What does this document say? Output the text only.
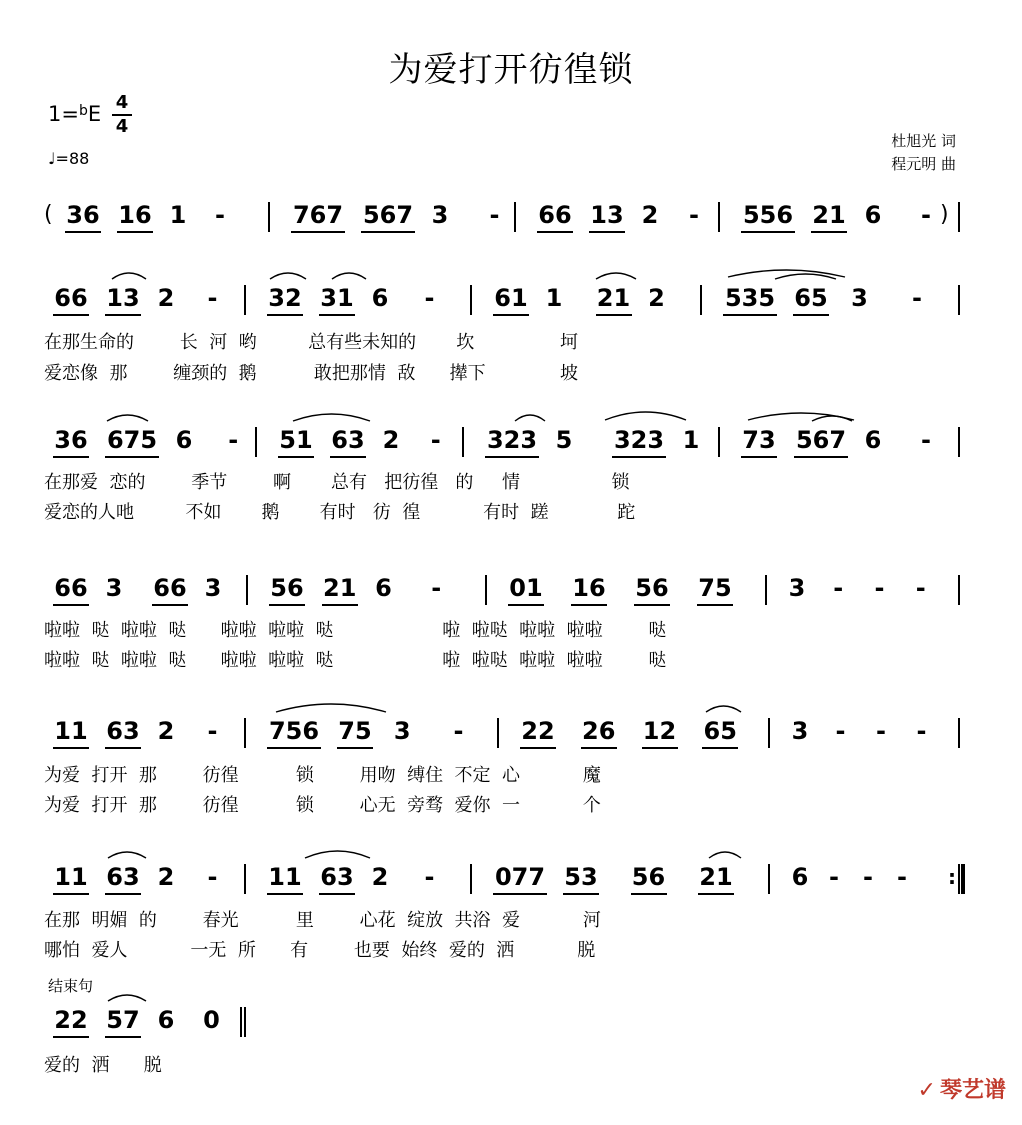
为爱打开彷徨锁
1=$^b$E 4
4
♩=88
杜旭光 词
程元明 曲
( 36 16 1 -	767 567 3 - 66 13 2 - 556 21 6 - )
66 13 2 - 32 31 6 - 61 1 21 2	535 65 3 -
在那生命的        长  河  哟         总有些未知的       坎               坷
爱恋像  那        缠颈的  鹅          敢把那情  敌      撵下             坡
36 675 6 - 51 63 2 - 323 5 323 1 73 567 6 -
在那爱  恋的        季节        啊       总有   把彷徨   的     情                锁
爱恋的人吔         不如       鹅       有时   彷  徨           有时  蹉            跎
66 3 66 3 56 21 6 -	01 16 56 75 3 - - -
啦啦  哒  啦啦  哒      啦啦  啦啦  哒                   啦  啦哒  啦啦  啦啦        哒
啦啦  哒  啦啦  哒      啦啦  啦啦  哒                   啦  啦哒  啦啦  啦啦        哒
11 63 2 - 756 75 3 - 22 26 12 65 3 - - -
为爱  打开  那        彷徨          锁        用吻  缚住  不定  心           魔
为爱  打开  那        彷徨          锁        心无  旁骛  爱你  一           个
11 63 2 - 11 63 2 -	077 53 56 21 6 - - -	:
在那  明媚  的        春光          里        心花  绽放  共浴  爱           河
哪怕  爱人           一无  所      有        也要  始终  爱的  洒           脱
22 57 6 0
爱的  洒      脱
结束句
✓ 琴艺谱
